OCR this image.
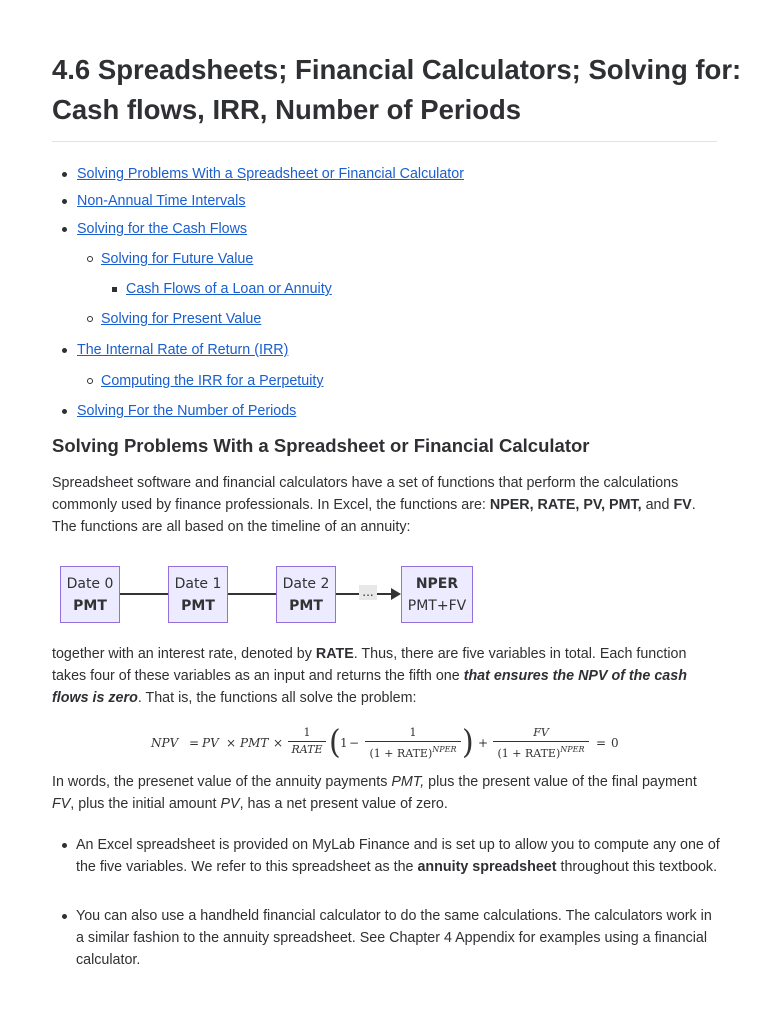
4.6 Spreadsheets; Financial Calculators; Solving for: Cash flows, IRR, Number of Periods
Solving Problems With a Spreadsheet or Financial Calculator
Non-Annual Time Intervals
Solving for the Cash Flows
Solving for Future Value
Cash Flows of a Loan or Annuity
Solving for Present Value
The Internal Rate of Return (IRR)
Computing the IRR for a Perpetuity
Solving For the Number of Periods
Solving Problems With a Spreadsheet or Financial Calculator

Spreadsheet software and financial calculators have a set of functions that perform the calculations commonly used by finance professionals. In Excel, the functions are: NPER, RATE, PV, PMT, and FV. The functions are all based on the timeline of an annuity:

...
Date 0
PMT
Date 1
PMT
Date 2
PMT
NPER
PMT+FV

together with an interest rate, denoted by RATE. Thus, there are five variables in total. Each function takes four of these variables as an input and returns the fifth one that ensures the NPV of the cash flows is zero. That is, the functions all solve the problem:

NPV = PV × PMT ×
1
RATE ( 1 −
1
(1 + RATE)$^{NPER}$ ) +
FV
(1 + RATE)$^{NPER}$ = 0

In words, the presenet value of the annuity payments PMT, plus the present value of the final payment FV, plus the initial amount PV, has a net present value of zero.

An Excel spreadsheet is provided on MyLab Finance and is set up to allow you to compute any one of the five variables. We refer to this spreadsheet as the annuity spreadsheet throughout this textbook.
You can also use a handheld financial calculator to do the same calculations. The calculators work in a similar fashion to the annuity spreadsheet. See Chapter 4 Appendix for examples using a financial calculator.
